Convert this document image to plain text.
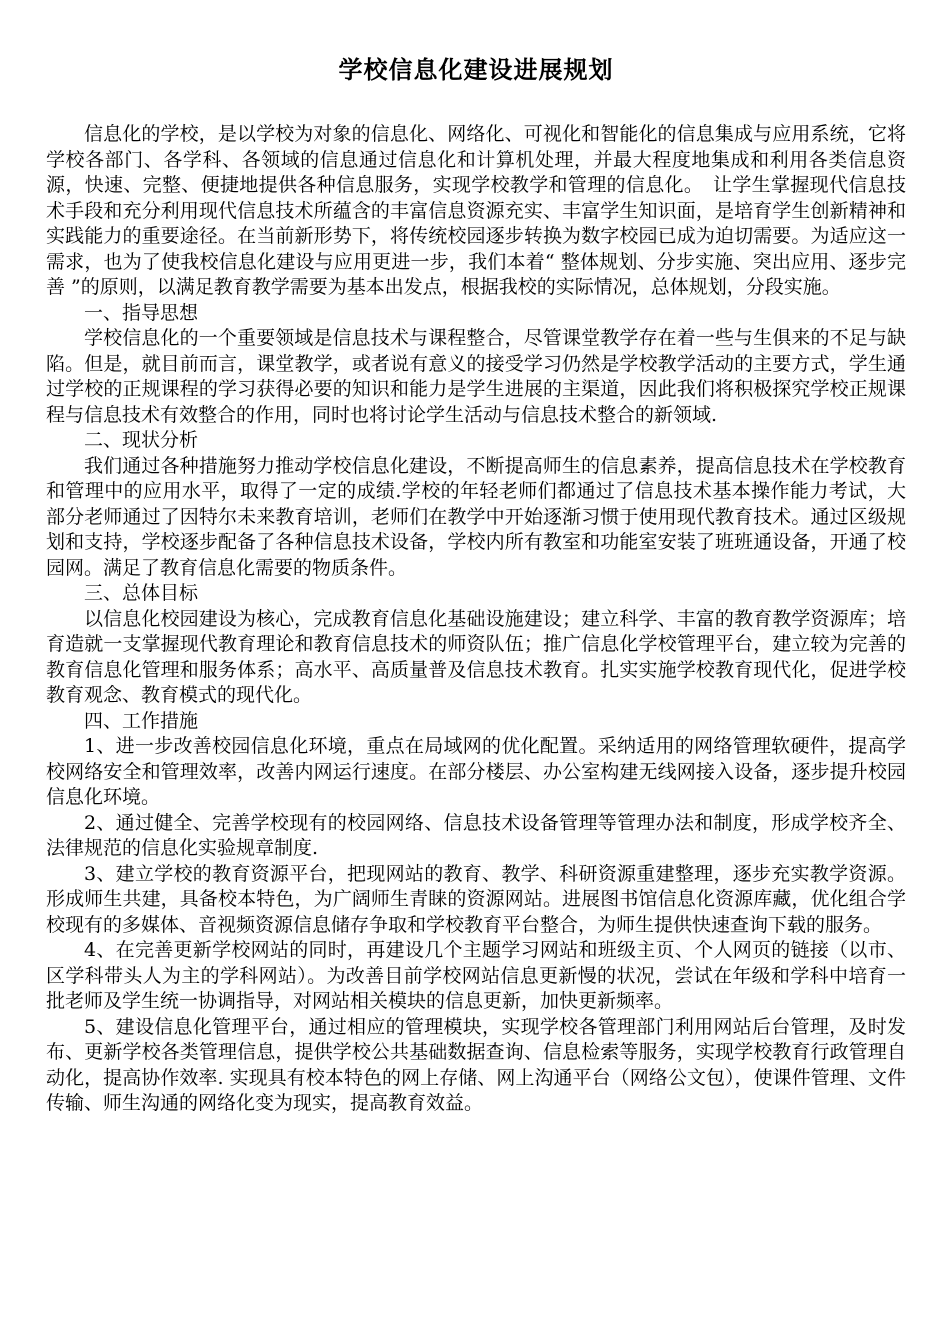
学校信息化建设进展规划

信息化的学校，是以学校为对象的信息化、网络化、可视化和智能化的信息集成与应用系统，它将学校各部门、各学科、各领域的信息通过信息化和计算机处理，并最大程度地集成和利用各类信息资源，快速、完整、便捷地提供各种信息服务，实现学校教学和管理的信息化。　让学生掌握现代信息技术手段和充分利用现代信息技术所蕴含的丰富信息资源充实、丰富学生知识面，是培育学生创新精神和实践能力的重要途径。在当前新形势下，将传统校园逐步转换为数字校园已成为迫切需要。为适应这一需求，也为了使我校信息化建设与应用更进一步，我们本着“ 整体规划、分步实施、突出应用、逐步完善 ”的原则，以满足教育教学需要为基本出发点，根据我校的实际情况，总体规划，分段实施。

一、指导思想

学校信息化的一个重要领域是信息技术与课程整合，尽管课堂教学存在着一些与生俱来的不足与缺陷。但是，就目前而言，课堂教学，或者说有意义的接受学习仍然是学校教学活动的主要方式，学生通过学校的正规课程的学习获得必要的知识和能力是学生进展的主渠道，因此我们将积极探究学校正规课程与信息技术有效整合的作用，同时也将讨论学生活动与信息技术整合的新领域.

二、现状分析

我们通过各种措施努力推动学校信息化建设，不断提高师生的信息素养，提高信息技术在学校教育和管理中的应用水平，取得了一定的成绩.学校的年轻老师们都通过了信息技术基本操作能力考试，大部分老师通过了因特尔未来教育培训，老师们在教学中开始逐渐习惯于使用现代教育技术。通过区级规划和支持，学校逐步配备了各种信息技术设备，学校内所有教室和功能室安装了班班通设备，开通了校园网。满足了教育信息化需要的物质条件。

三、总体目标

以信息化校园建设为核心，完成教育信息化基础设施建设；建立科学、丰富的教育教学资源库；培育造就一支掌握现代教育理论和教育信息技术的师资队伍；推广信息化学校管理平台，建立较为完善的教育信息化管理和服务体系；高水平、高质量普及信息技术教育。扎实实施学校教育现代化，促进学校教育观念、教育模式的现代化。

四、工作措施

1、进一步改善校园信息化环境，重点在局域网的优化配置。采纳适用的网络管理软硬件，提高学校网络安全和管理效率，改善内网运行速度。在部分楼层、办公室构建无线网接入设备，逐步提升校园信息化环境。

2、通过健全、完善学校现有的校园网络、信息技术设备管理等管理办法和制度，形成学校齐全、法律规范的信息化实验规章制度.

3、建立学校的教育资源平台，把现网站的教育、教学、科研资源重建整理，逐步充实教学资源。形成师生共建，具备校本特色，为广阔师生青睐的资源网站。进展图书馆信息化资源库藏，优化组合学校现有的多媒体、音视频资源信息储存争取和学校教育平台整合，为师生提供快速查询下载的服务。

4、在完善更新学校网站的同时，再建设几个主题学习网站和班级主页、个人网页的链接（以市、区学科带头人为主的学科网站）。为改善目前学校网站信息更新慢的状况，尝试在年级和学科中培育一批老师及学生统一协调指导，对网站相关模块的信息更新，加快更新频率。

5、建设信息化管理平台，通过相应的管理模块，实现学校各管理部门利用网站后台管理，及时发布、更新学校各类管理信息，提供学校公共基础数据查询、信息检索等服务，实现学校教育行政管理自动化，提高协作效率. 实现具有校本特色的网上存储、网上沟通平台（网络公文包），使课件管理、文件传输、师生沟通的网络化变为现实，提高教育效益。
